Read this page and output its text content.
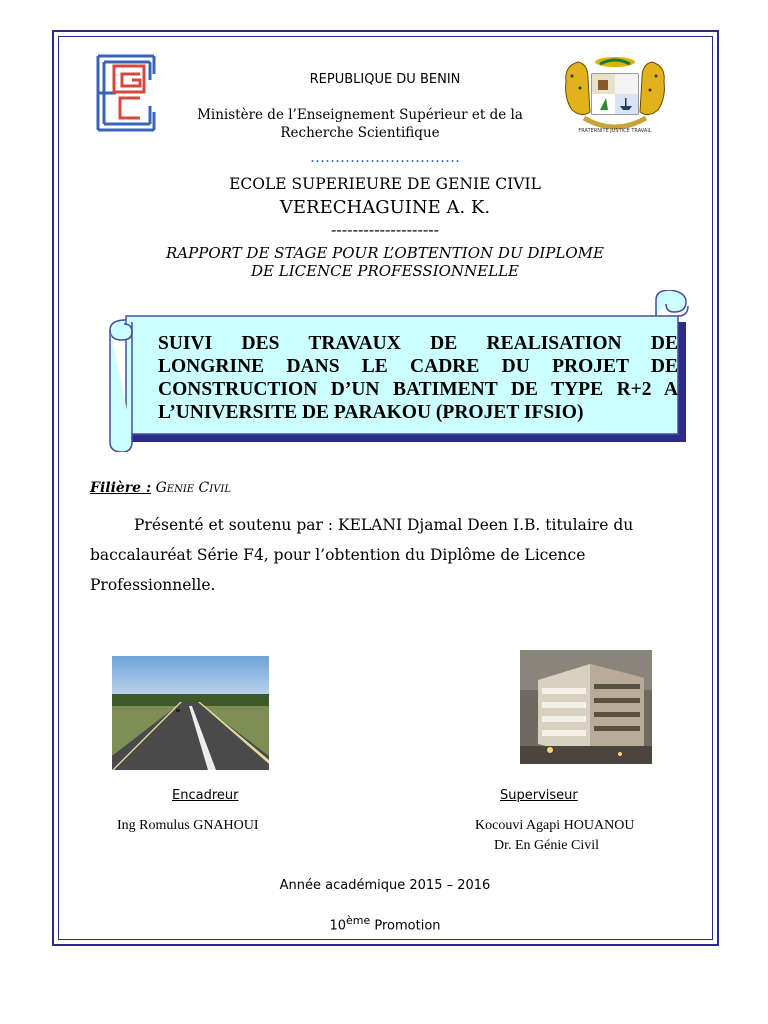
FRATERNITE JUSTICE TRAVAIL
REPUBLIQUE DU BENIN
Ministère de l’Enseignement Supérieur et de la
Recherche Scientifique
…………………………
ECOLE SUPERIEURE DE GENIE CIVIL
VERECHAGUINE A. K.
--------------------
RAPPORT DE STAGE POUR L’OBTENTION DU DIPLOME
DE LICENCE PROFESSIONNELLE
SUIVI DES TRAVAUX DE REALISATION DE
LONGRINE DANS LE CADRE DU PROJET DE
CONSTRUCTION D’UN BATIMENT DE TYPE R+2 A
L’UNIVERSITE DE PARAKOU (PROJET IFSIO)
Filière : Genie Civil
Présenté et soutenu par : KELANI Djamal Deen I.B. titulaire du baccalauréat Série F4, pour l’obtention du Diplôme de Licence Professionnelle.
Encadreur
Ing Romulus GNAHOUI
Superviseur
Kocouvi Agapi HOUANOU
Dr. En Génie Civil
Année académique 2015 – 2016
10ème Promotion
